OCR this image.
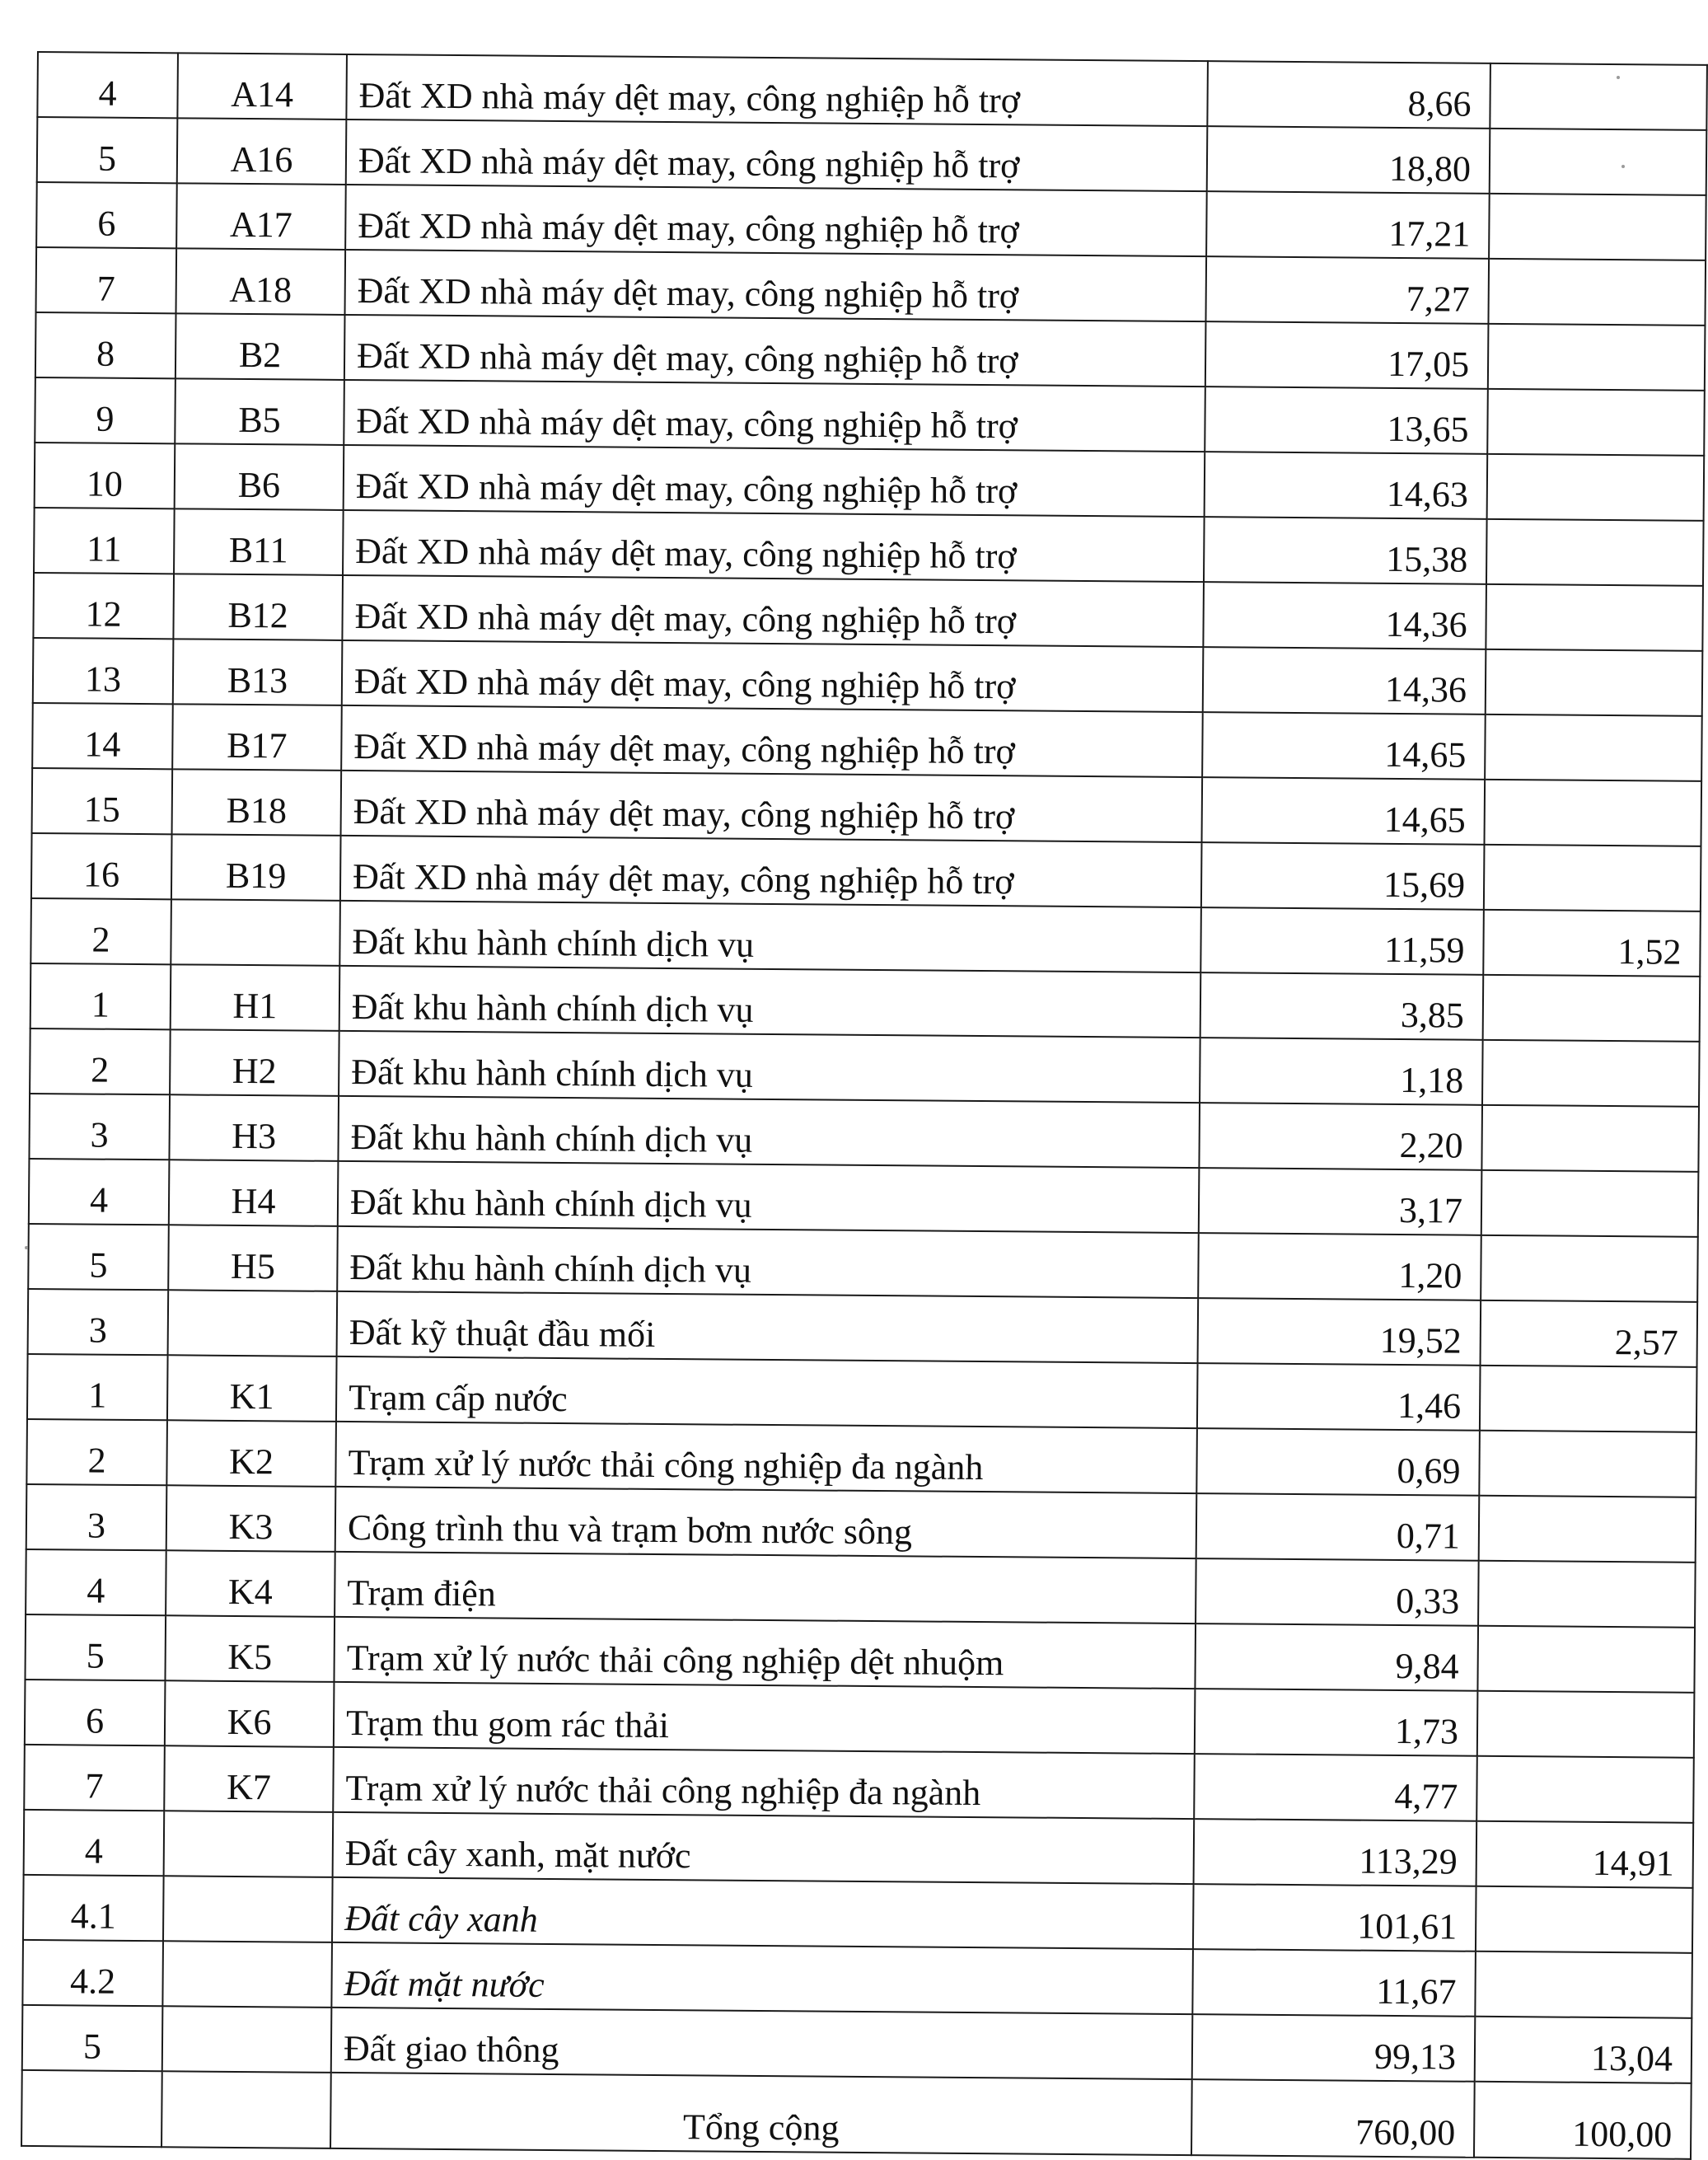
4	A14	Đất XD nhà máy dệt may, công nghiệp hỗ trợ	8,66	
5	A16	Đất XD nhà máy dệt may, công nghiệp hỗ trợ	18,80	
6	A17	Đất XD nhà máy dệt may, công nghiệp hỗ trợ	17,21	
7	A18	Đất XD nhà máy dệt may, công nghiệp hỗ trợ	7,27	
8	B2	Đất XD nhà máy dệt may, công nghiệp hỗ trợ	17,05	
9	B5	Đất XD nhà máy dệt may, công nghiệp hỗ trợ	13,65	
10	B6	Đất XD nhà máy dệt may, công nghiệp hỗ trợ	14,63	
11	B11	Đất XD nhà máy dệt may, công nghiệp hỗ trợ	15,38	
12	B12	Đất XD nhà máy dệt may, công nghiệp hỗ trợ	14,36	
13	B13	Đất XD nhà máy dệt may, công nghiệp hỗ trợ	14,36	
14	B17	Đất XD nhà máy dệt may, công nghiệp hỗ trợ	14,65	
15	B18	Đất XD nhà máy dệt may, công nghiệp hỗ trợ	14,65	
16	B19	Đất XD nhà máy dệt may, công nghiệp hỗ trợ	15,69	
2		Đất khu hành chính dịch vụ	11,59	1,52
1	H1	Đất khu hành chính dịch vụ	3,85	
2	H2	Đất khu hành chính dịch vụ	1,18	
3	H3	Đất khu hành chính dịch vụ	2,20	
4	H4	Đất khu hành chính dịch vụ	3,17	
5	H5	Đất khu hành chính dịch vụ	1,20	
3		Đất kỹ thuật đầu mối	19,52	2,57
1	K1	Trạm cấp nước	1,46	
2	K2	Trạm xử lý nước thải công nghiệp đa ngành	0,69	
3	K3	Công trình thu và trạm bơm nước sông	0,71	
4	K4	Trạm điện	0,33	
5	K5	Trạm xử lý nước thải công nghiệp dệt nhuộm	9,84	
6	K6	Trạm thu gom rác thải	1,73	
7	K7	Trạm xử lý nước thải công nghiệp đa ngành	4,77	
4		Đất cây xanh, mặt nước	113,29	14,91
4.1		Đất cây xanh	101,61	
4.2		Đất mặt nước	11,67	
5		Đất giao thông	99,13	13,04
		Tổng cộng	760,00	100,00
